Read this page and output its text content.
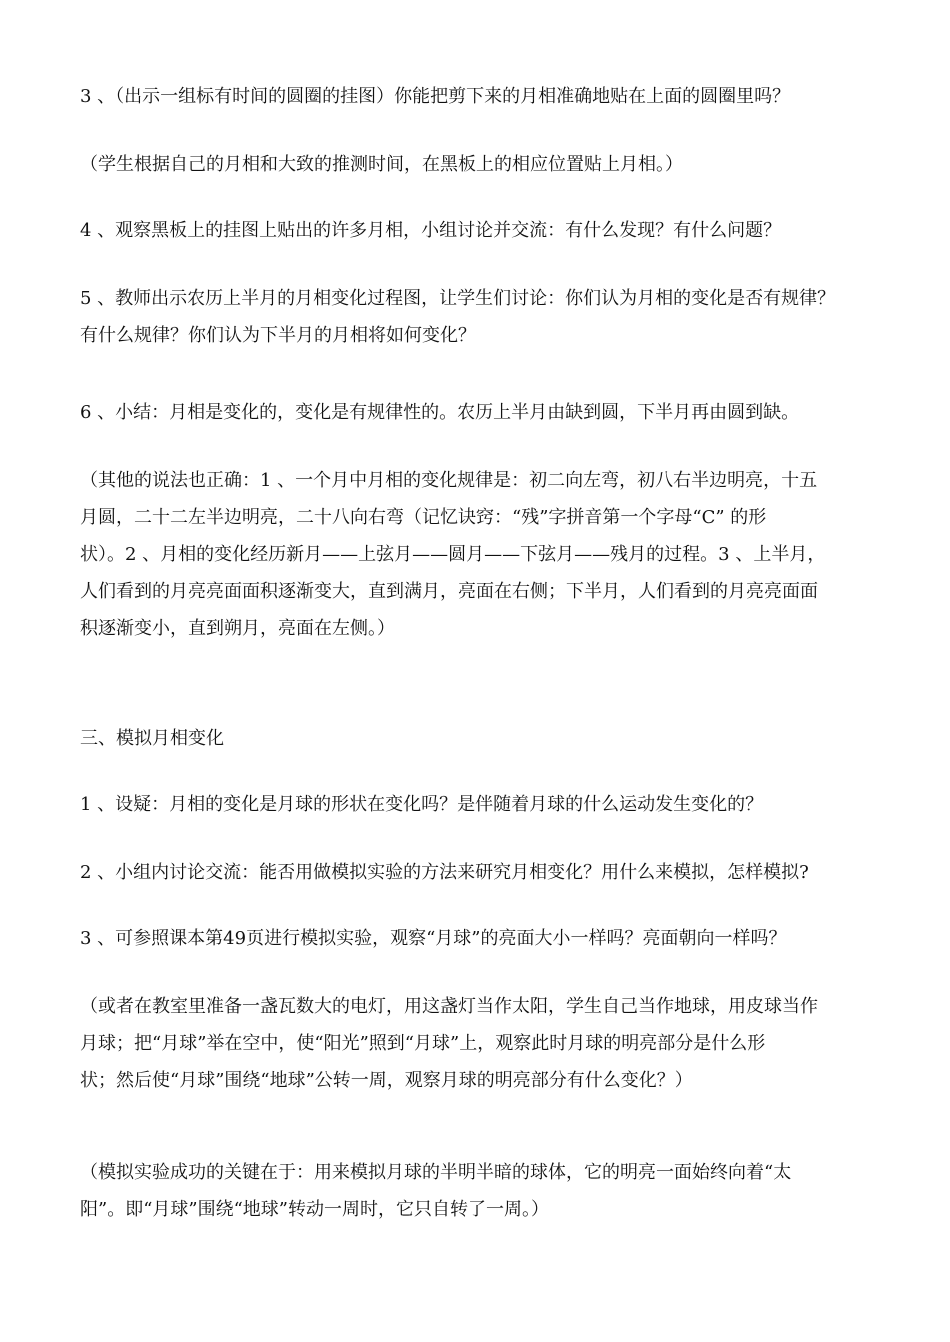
3 、（出示一组标有时间的圆圈的挂图）你能把剪下来的月相准确地贴在上面的圆圈里吗？

（学生根据自己的月相和大致的推测时间，在黑板上的相应位置贴上月相。）

4 、观察黑板上的挂图上贴出的许多月相，小组讨论并交流：有什么发现？有什么问题？

5 、教师出示农历上半月的月相变化过程图，让学生们讨论：你们认为月相的变化是否有规律？
有什么规律？你们认为下半月的月相将如何变化？

6 、小结：月相是变化的，变化是有规律性的。农历上半月由缺到圆，下半月再由圆到缺。

（其他的说法也正确：1 、一个月中月相的变化规律是：初二向左弯，初八右半边明亮，十五
月圆，二十二左半边明亮，二十八向右弯（记忆诀窍：“残”字拼音第一个字母“C” 的形
状）。2 、月相的变化经历新月——上弦月——圆月——下弦月——残月的过程。3 、上半月，
人们看到的月亮亮面面积逐渐变大，直到满月，亮面在右侧；下半月，人们看到的月亮亮面面
积逐渐变小，直到朔月，亮面在左侧。）

三、模拟月相变化

1 、设疑：月相的变化是月球的形状在变化吗？是伴随着月球的什么运动发生变化的？

2 、小组内讨论交流：能否用做模拟实验的方法来研究月相变化？用什么来模拟，怎样模拟?

3 、可参照课本第49页进行模拟实验，观察“月球”的亮面大小一样吗？亮面朝向一样吗？

（或者在教室里准备一盏瓦数大的电灯，用这盏灯当作太阳，学生自己当作地球，用皮球当作
月球；把“月球”举在空中，使“阳光”照到“月球”上，观察此时月球的明亮部分是什么形
状；然后使“月球”围绕“地球”公转一周，观察月球的明亮部分有什么变化？）

（模拟实验成功的关键在于：用来模拟月球的半明半暗的球体，它的明亮一面始终向着“太
阳”。即“月球”围绕“地球”转动一周时，它只自转了一周。）
